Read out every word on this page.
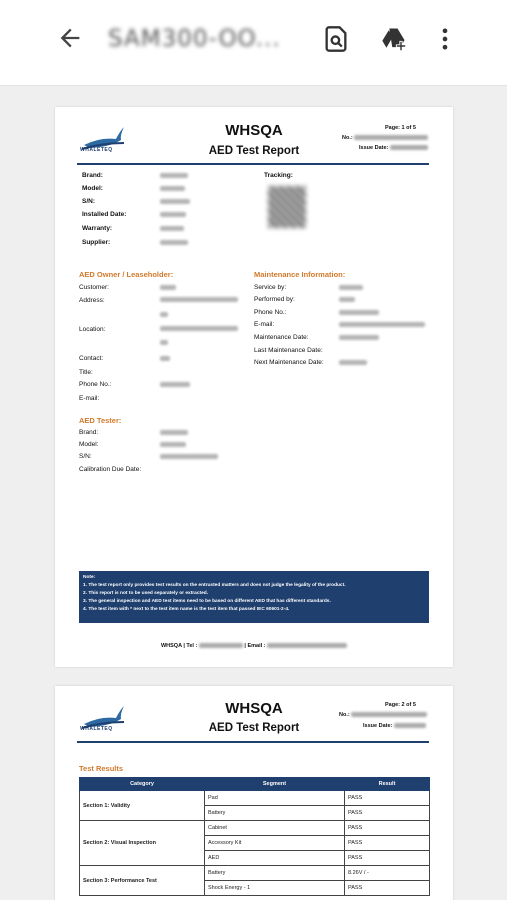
SAM300-OO...
WHALETEQ
WHSQA
AED Test Report
Page: 1 of 5
No.:
Issue Date:
Brand:
Model:
S/N:
Installed Date:
Warranty:
Supplier:
Tracking:
AED Owner / Leaseholder:
Customer:
Address:
Location:
Contact:
Title:
Phone No.:
E-mail:
Maintenance Information:
Service by:
Performed by:
Phone No.:
E-mail:
Maintenance Date:
Last Maintenance Date:
Next Maintenance Date:
AED Tester:
Brand:
Model:
S/N:
Calibration Due Date:
Note:
1. The test report only provides test results on the entrusted matters and does not judge the legality of the product.
2. This report is not to be used separately or extracted.
3. The general inspection and AED test items need to be based on different AED that has different standards.
4. The test item with * next to the test item name is the test item that passed IEC 60601-2-4.
WHSQA | Tel :	| Email :
WHALETEQ
WHSQA
AED Test Report
Page: 2 of 5
No.:
Issue Date:
Test Results
Category	Segment	Result
Section 1: Validity	Pad	PASS
	Battery	PASS
Section 2: Visual Inspection	Cabinet	PASS
	Accessory Kit	PASS
	AED	PASS
Section 3: Performance Test	Battery	8.26V / -
	Shock Energy - 1	PASS
